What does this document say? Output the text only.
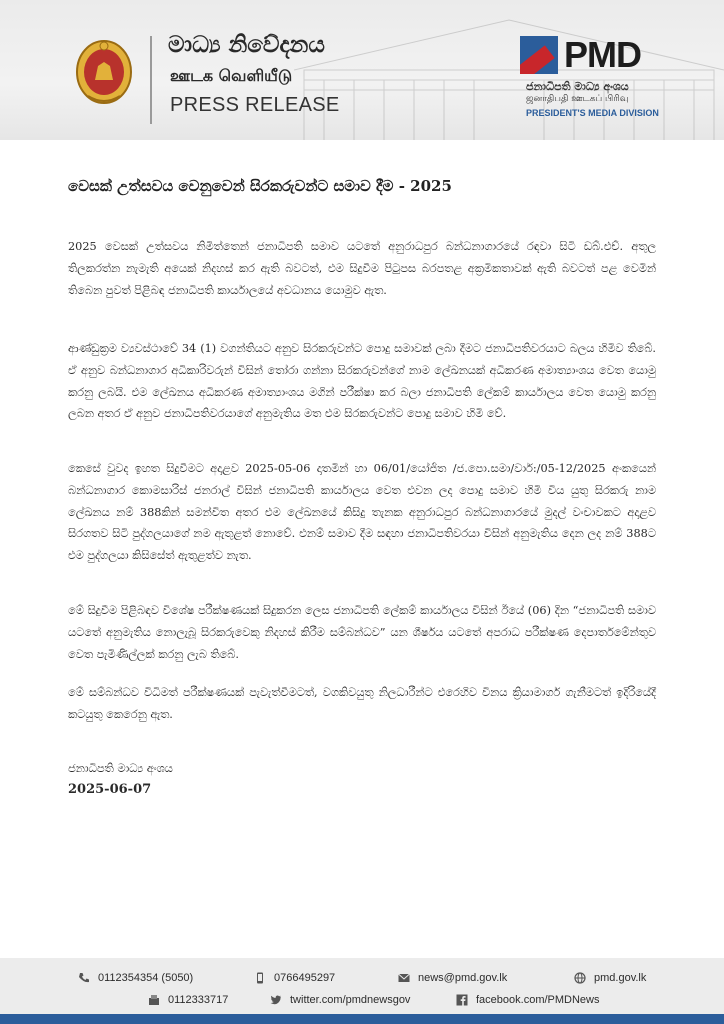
මාධ්‍ය නිවේදනය
ஊடக வெளியீடு
PRESS RELEASE
PMD
ජනාධිපති මාධ්‍ය අංශය
ஜனாதிபதி ஊடகப் பிரிவு
PRESIDENT'S MEDIA DIVISION
වෙසක් උත්සවය වෙනුවෙන් සිරකරුවන්ට සමාව දීම - 2025

2025 වෙසක් උත්සවය නිමිත්තෙන් ජනාධිපති සමාව යටතේ අනුරාධපුර බන්ධනාගාරයේ රඳවා සිටි ඩබ්.එච්. අතුල තිලකරත්න නැමැති අයෙක් නිදහස් කර ඇති බවටත්, එම සිදුවීම පිටුපස බරපතළ අක්‍රමිකතාවක් ඇති බවටත් පළ වෙමින් තිබෙන පුවත් පිළිබඳ ජනාධිපති කාර්යාලයේ අවධානය යොමුව ඇත.

ආණ්ඩුක්‍රම ව්‍යවස්ථාවේ 34 (1) වගන්තියට අනුව සිරකරුවන්ට පොදු සමාවක් ලබා දීමට ජනාධිපතිවරයාට බලය හිමිව තිබේ. ඒ අනුව බන්ධනාගාර අධිකාරිවරුන් විසින් තෝරා ගන්නා සිරකරුවන්ගේ නාම ලේඛනයක් අධිකරණ අමාත්‍යාංශය වෙත යොමු කරනු ලබයි. එම ලේඛනය අධිකරණ අමාත්‍යාංශය මගින් පරීක්ෂා කර බලා ජනාධිපති ලේකම් කාර්යාලය වෙත යොමු කරනු ලබන අතර ඒ අනුව ජනාධිපතිවරයාගේ අනුමැතිය මත එම සිරකරුවන්ට පොදු සමාව හිමි වේ.

කෙසේ වුවද ඉහත සිදුවීමට අදාළව 2025-05-06 දාතමින් හා 06/01/යෝජිත /ජ.පො.සමා/වාර්:/05-12/2025 අංකයෙන් බන්ධනාගාර කොමසාරිස් ජනරාල් විසින් ජනාධිපති කාර්යාලය වෙත එවන ලද පොදු සමාව හිමි විය යුතු සිරකරු නාම ලේඛනය නම් 388කින් සමන්විත අතර එම ලේඛනයේ කිසිදු තැනක අනුරාධපුර බන්ධනාගාරයේ මුදල් වංචාවකට අදාළව සිරගතව සිටි පුද්ගලයාගේ නම ඇතුළත් නොවේ. එනම් සමාව දීම සඳහා ජනාධිපතිවරයා විසින් අනුමැතිය දෙන ලද නම් 388ට එම පුද්ගලයා කිසිසේත් ඇතුළත්ව නැත.

මේ සිදුවීම පිළිබඳව විශේෂ පරීක්ෂණයක් සිදුකරන ලෙස ජනාධිපති ලේකම් කාර්යාලය විසින් ඊයේ (06) දින “ජනාධිපති සමාව යටතේ අනුමැතිය නොලැබූ සිරකරුවෙකු නිදහස් කිරීම සම්බන්ධව” යන ශීර්ෂය යටතේ අපරාධ පරීක්ෂණ දෙපාර්තමේන්තුව වෙත පැමිණිල්ලක් කරනු ලැබ තිබේ.

මේ සම්බන්ධව විධිමත් පරීක්ෂණයක් පැවැත්වීමටත්, වගකිවයුතු නිලධාරීන්ට එරෙහිව විනය ක්‍රියාමාර්ග ගැනීමටත් ඉදිරියේදී කටයුතු කෙරෙනු ඇත.

ජනාධිපති මාධ්‍ය අංශය
2025-06-07
0112354354 (5050)	0766495297	news@pmd.gov.lk	pmd.gov.lk
0112333717	twitter.com/pmdnewsgov	facebook.com/PMDNews
